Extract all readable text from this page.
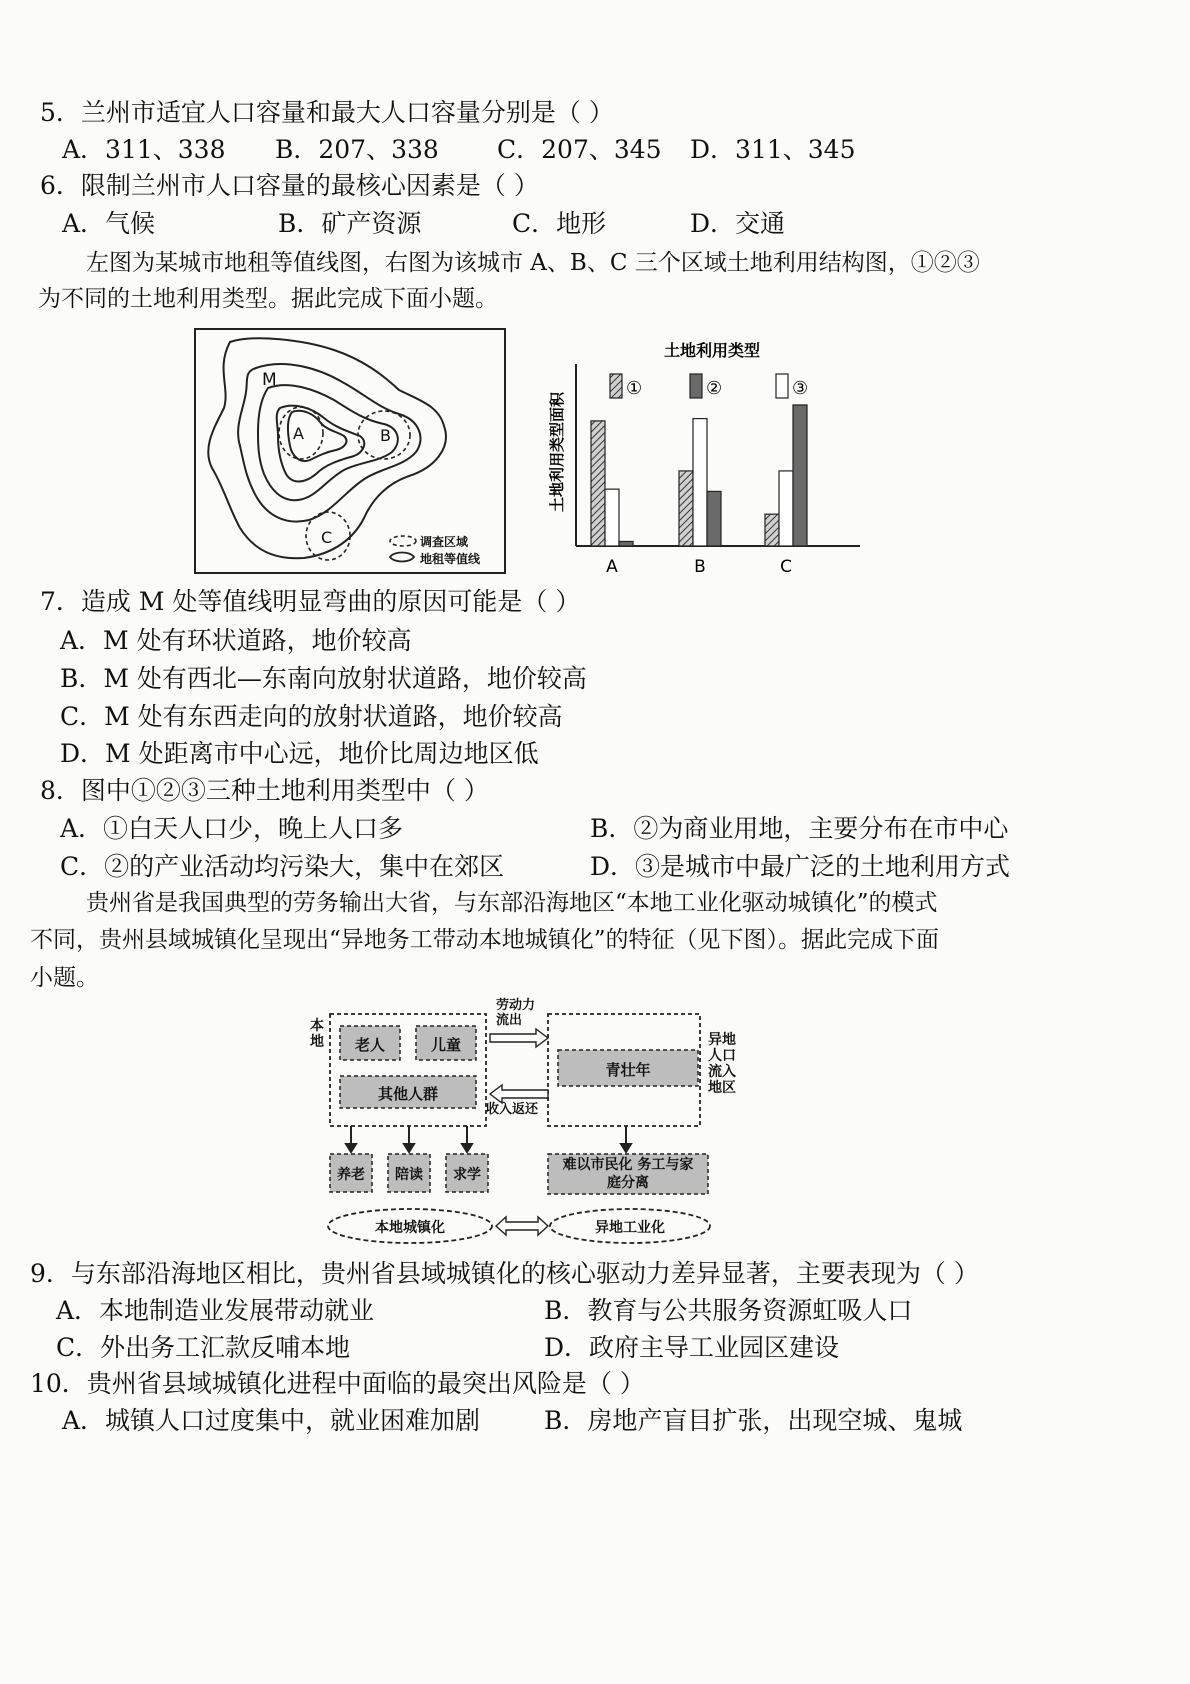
5．兰州市适宜人口容量和最大人口容量分别是（ ）
A．311、338 B．207、338 C．207、345 D．311、345
6．限制兰州市人口容量的最核心因素是（ ）
A．气候	B．矿产资源	C．地形	D．交通
左图为某城市地租等值线图，右图为该城市 A、B、C 三个区域土地利用结构图，①②③
为不同的土地利用类型。据此完成下面小题。
M
A	B
C	调查区域
地租等值线
土地利用类型
土地利用类型面积
①	②	③
A	B	C
7．造成 M 处等值线明显弯曲的原因可能是（ ）
A．M 处有环状道路，地价较高
B．M 处有西北—东南向放射状道路，地价较高
C．M 处有东西走向的放射状道路，地价较高
D．M 处距离市中心远，地价比周边地区低
8．图中①②③三种土地利用类型中（ ）
A．①白天人口少，晚上人口多	B．②为商业用地，主要分布在市中心
C．②的产业活动均污染大，集中在郊区	D．③是城市中最广泛的土地利用方式
贵州省是我国典型的劳务输出大省，与东部沿海地区“本地工业化驱动城镇化”的模式
不同，贵州县域城镇化呈现出“异地务工带动本地城镇化”的特征（见下图）。据此完成下面
小题。
本地	老人	儿童
其他人群
劳动力流出
收入返还
青壮年
异地人口流入地区
养老	陪读	求学
难以市民化 务工与家庭分离
本地城镇化	异地工业化
9．与东部沿海地区相比，贵州省县域城镇化的核心驱动力差异显著，主要表现为（ ）
A．本地制造业发展带动就业	B．教育与公共服务资源虹吸人口
C．外出务工汇款反哺本地	D．政府主导工业园区建设
10．贵州省县域城镇化进程中面临的最突出风险是（ ）
A．城镇人口过度集中，就业困难加剧	B．房地产盲目扩张，出现空城、鬼城
